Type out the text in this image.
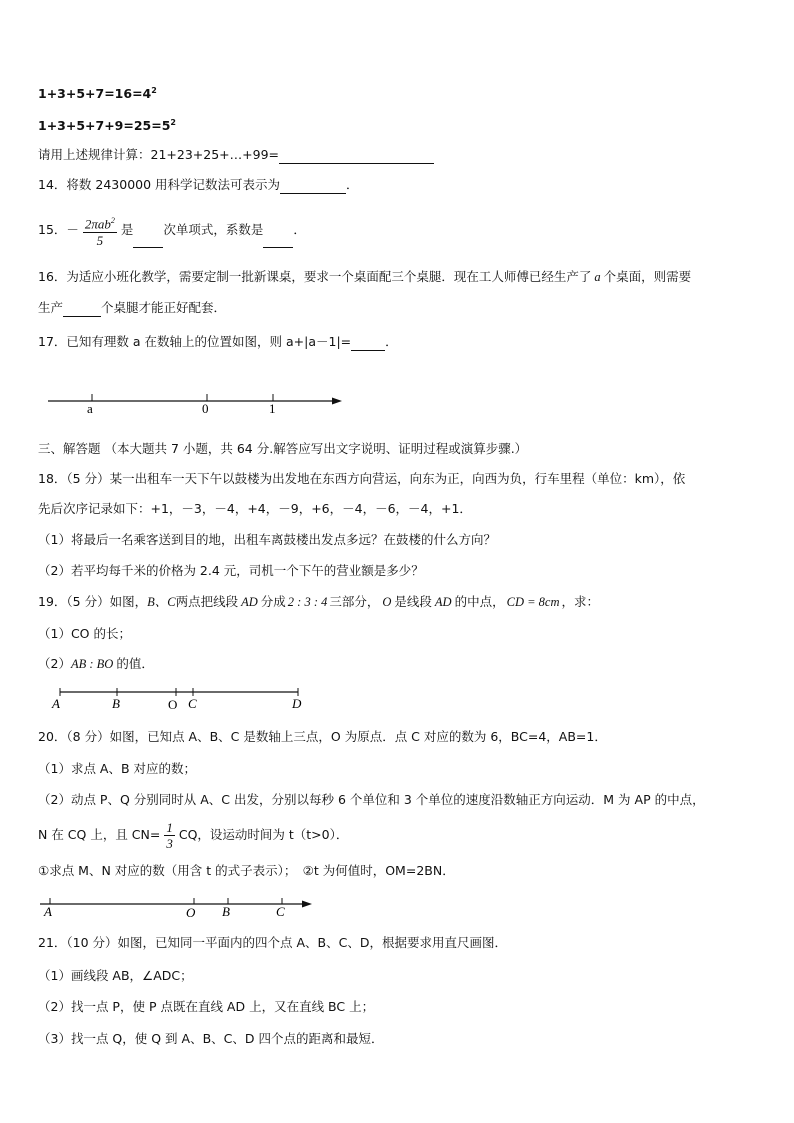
$1+3+5+7=16=4^2$
$1+3+5+7+9=25=5^2$
请用上述规律计算：21+23+25+…+99=
14．将数 2430000 用科学记数法可表示为	．
15．－ $\frac{2\pi ab^2}{5}$ 是 次单项式，系数是 ．
16．为适应小班化教学，需要定制一批新课桌，要求一个桌面配三个桌腿．现在工人师傅已经生产了 a 个桌面，则需要
生产	个桌腿才能正好配套．
17．已知有理数 a 在数轴上的位置如图，则 a+|a－1|=	．
a	0	1
A	B	O C	D
A	O B	C
三、解答题 （本大题共 7 小题，共 64 分.解答应写出文字说明、证明过程或演算步骤.）
18．（5 分）某一出租车一天下午以鼓楼为出发地在东西方向营运，向东为正，向西为负，行车里程（单位：km），依
先后次序记录如下：+1，－3，－4，+4，－9，+6，－4，－6，－4，+1．
（1）将最后一名乘客送到目的地，出租车离鼓楼出发点多远？在鼓楼的什么方向？
（2）若平均每千米的价格为 2.4 元，司机一个下午的营业额是多少？
19．（5 分）如图，B、C两点把线段 AD 分成 2 : 3 : 4 三部分， O 是线段 AD 的中点， CD = 8cm ，求：
（1）CO 的长；
（2）AB : BO 的值．
20．（8 分）如图，已知点 A、B、C 是数轴上三点，O 为原点．点 C 对应的数为 6，BC=4，AB=1．
（1）求点 A、B 对应的数；
（2）动点 P、Q 分别同时从 A、C 出发，分别以每秒 6 个单位和 3 个单位的速度沿数轴正方向运动．M 为 AP 的中点，
N 在 CQ 上，且 $CN= \frac{1}{3}$ CQ，设运动时间为 t（t>0）．
①求点 M、N 对应的数（用含 t 的式子表示）；　②t 为何值时，OM=2BN．
21．（10 分）如图，已知同一平面内的四个点 A、B、C、D，根据要求用直尺画图．
（1）画线段 AB，∠ADC；
（2）找一点 P，使 P 点既在直线 AD 上，又在直线 BC 上；
（3）找一点 Q，使 Q 到 A、B、C、D 四个点的距离和最短．
